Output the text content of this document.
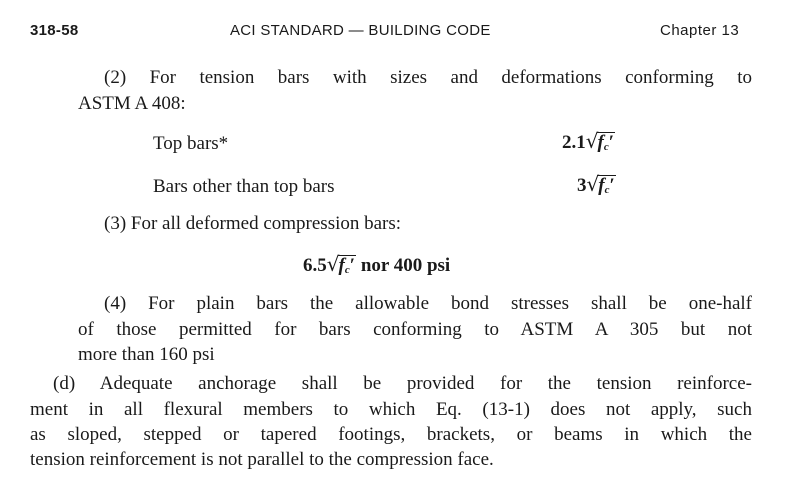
318-58	ACI STANDARD — BUILDING CODE	Chapter 13
(2) For tension bars with sizes and deformations conforming to
ASTM A 408:
Top bars*	2.1√fc′
Bars other than top bars	3√fc′
(3) For all deformed compression bars:
6.5√fc′ nor 400 psi
(4) For plain bars the allowable bond stresses shall be one-half
of those permitted for bars conforming to ASTM A 305 but not
more than 160 psi
(d) Adequate anchorage shall be provided for the tension reinforce-
ment in all flexural members to which Eq. (13-1) does not apply, such
as sloped, stepped or tapered footings, brackets, or beams in which the
tension reinforcement is not parallel to the compression face.
